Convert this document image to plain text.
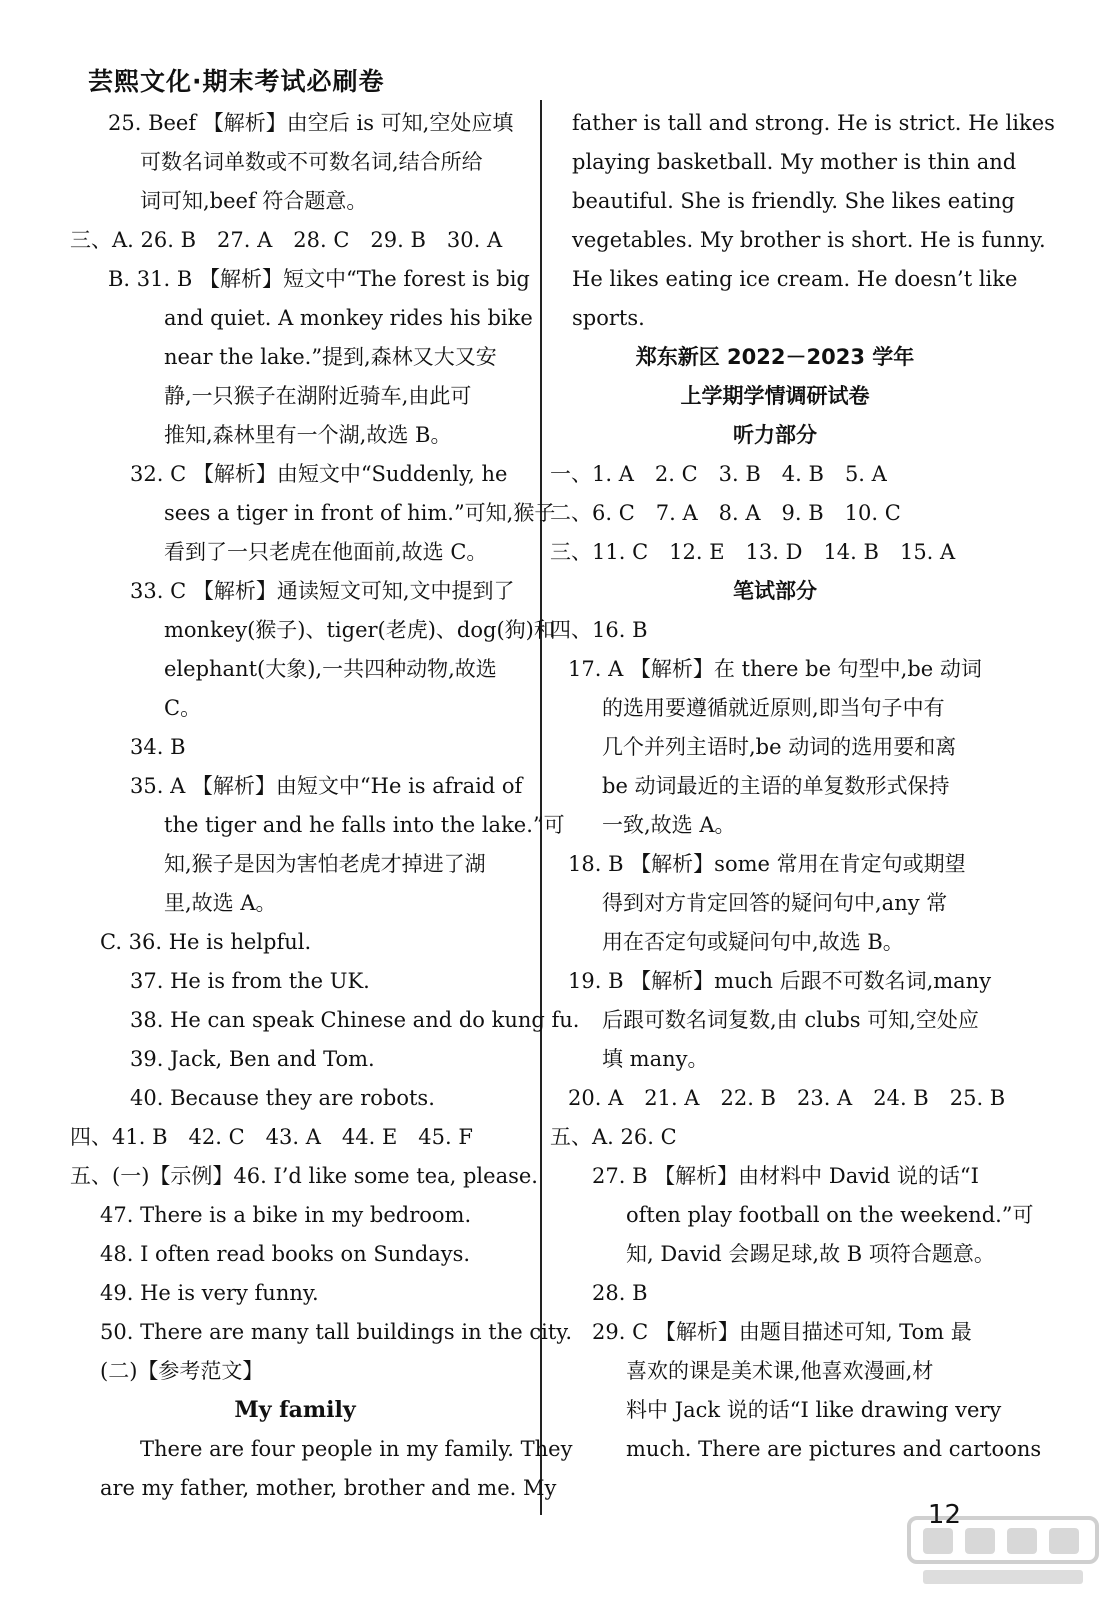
芸熙文化·期末考试必刷卷
25. Beef 【解析】由空后 is 可知,空处应填
可数名词单数或不可数名词,结合所给
词可知,beef 符合题意。
三、A. 26. B　27. A　28. C　29. B　30. A
B. 31. B 【解析】短文中“The forest is big
and quiet. A monkey rides his bike
near the lake.”提到,森林又大又安
静,一只猴子在湖附近骑车,由此可
推知,森林里有一个湖,故选 B。
32. C 【解析】由短文中“Suddenly, he
sees a tiger in front of him.”可知,猴子
看到了一只老虎在他面前,故选 C。
33. C 【解析】通读短文可知,文中提到了
monkey(猴子)、tiger(老虎)、dog(狗)和
elephant(大象),一共四种动物,故选
C。
34. B
35. A 【解析】由短文中“He is afraid of
the tiger and he falls into the lake.”可
知,猴子是因为害怕老虎才掉进了湖
里,故选 A。
C. 36. He is helpful.
37. He is from the UK.
38. He can speak Chinese and do kung fu.
39. Jack, Ben and Tom.
40. Because they are robots.
四、41. B　42. C　43. A　44. E　45. F
五、(一)【示例】46. I’d like some tea, please.
47. There is a bike in my bedroom.
48. I often read books on Sundays.
49. He is very funny.
50. There are many tall buildings in the city.
(二)【参考范文】
My family
There are four people in my family. They
are my father, mother, brother and me. My
father is tall and strong. He is strict. He likes
playing basketball. My mother is thin and
beautiful. She is friendly. She likes eating
vegetables. My brother is short. He is funny.
He likes eating ice cream. He doesn’t like
sports.
郑东新区 2022－2023 学年
上学期学情调研试卷
听力部分
一、1. A　2. C　3. B　4. B　5. A
二、6. C　7. A　8. A　9. B　10. C
三、11. C　12. E　13. D　14. B　15. A
笔试部分
四、16. B
17. A 【解析】在 there be 句型中,be 动词
的选用要遵循就近原则,即当句子中有
几个并列主语时,be 动词的选用要和离
be 动词最近的主语的单复数形式保持
一致,故选 A。
18. B 【解析】some 常用在肯定句或期望
得到对方肯定回答的疑问句中,any 常
用在否定句或疑问句中,故选 B。
19. B 【解析】much 后跟不可数名词,many
后跟可数名词复数,由 clubs 可知,空处应
填 many。
20. A　21. A　22. B　23. A　24. B　25. B
五、A. 26. C
27. B 【解析】由材料中 David 说的话“I
often play football on the weekend.”可
知, David 会踢足球,故 B 项符合题意。
28. B
29. C 【解析】由题目描述可知, Tom 最
喜欢的课是美术课,他喜欢漫画,材
料中 Jack 说的话“I like drawing very
much. There are pictures and cartoons
12
